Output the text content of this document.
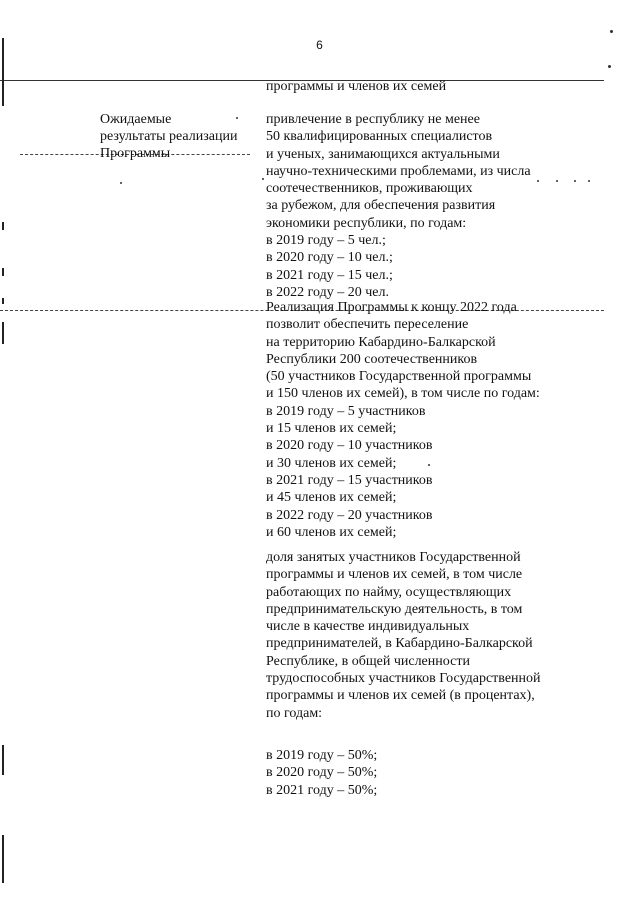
6
программы и членов их семей
Ожидаемые
результаты реализации
Программы
привлечение в республику не менее
50 квалифицированных специалистов
и ученых, занимающихся актуальными
научно-техническими проблемами, из числа
соотечественников, проживающих
за рубежом, для обеспечения развития
экономики республики, по годам:
в 2019 году – 5 чел.;
в 2020 году – 10 чел.;
в 2021 году – 15 чел.;
в 2022 году – 20 чел.
Реализация Программы к концу 2022 года
позволит обеспечить переселение
на территорию Кабардино-Балкарской
Республики 200 соотечественников
(50 участников Государственной программы
и 150 членов их семей), в том числе по годам:
в 2019 году – 5 участников
и 15 членов их семей;
в 2020 году – 10 участников
и 30 членов их семей;
в 2021 году – 15 участников
и 45 членов их семей;
в 2022 году – 20 участников
и 60 членов их семей;
доля занятых участников Государственной
программы и членов их семей, в том числе
работающих по найму, осуществляющих
предпринимательскую деятельность, в том
числе в качестве индивидуальных
предпринимателей, в Кабардино-Балкарской
Республике, в общей численности
трудоспособных участников Государственной
программы и членов их семей (в процентах),
по годам:
в 2019 году – 50%;
в 2020 году – 50%;
в 2021 году – 50%;
